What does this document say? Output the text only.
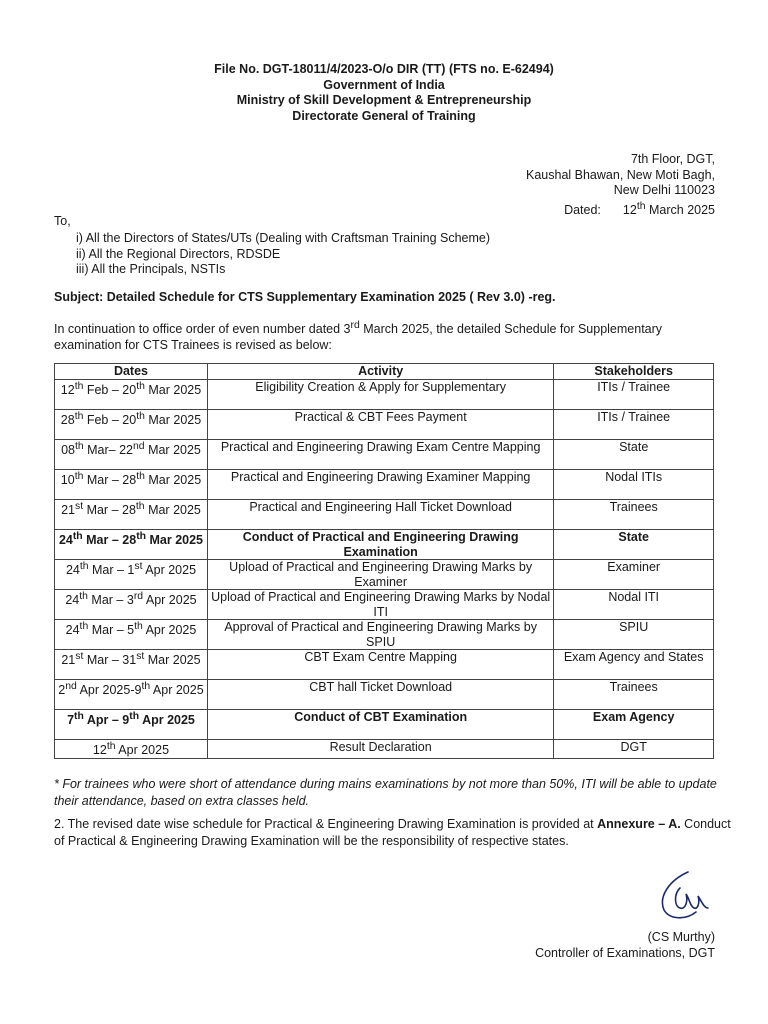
File No. DGT-18011/4/2023-O/o DIR (TT) (FTS no. E-62494)
Government of India
Ministry of Skill Development & Entrepreneurship
Directorate General of Training
7th Floor, DGT,
Kaushal Bhawan, New Moti Bagh,
New Delhi 110023
Dated: 12th March 2025
To,
i) All the Directors of States/UTs (Dealing with Craftsman Training Scheme)
ii) All the Regional Directors, RDSDE
iii) All the Principals, NSTIs
Subject: Detailed Schedule for CTS Supplementary Examination 2025 ( Rev 3.0) -reg.
In continuation to office order of even number dated 3rd March 2025, the detailed Schedule for Supplementary examination for CTS Trainees is revised as below:
Dates	Activity	Stakeholders
12th Feb – 20th Mar 2025	Eligibility Creation & Apply for Supplementary	ITIs / Trainee
28th Feb – 20th Mar 2025	Practical & CBT Fees Payment	ITIs / Trainee
08th Mar– 22nd Mar 2025	Practical and Engineering Drawing Exam Centre Mapping	State
10th Mar – 28th Mar 2025	Practical and Engineering Drawing Examiner Mapping	Nodal ITIs
21st Mar – 28th Mar 2025	Practical and Engineering Hall Ticket Download	Trainees
24th Mar – 28th Mar 2025	Conduct of Practical and Engineering Drawing Examination	State
24th Mar – 1st Apr 2025	Upload of Practical and Engineering Drawing Marks by Examiner	Examiner
24th Mar – 3rd Apr 2025	Upload of Practical and Engineering Drawing Marks by Nodal ITI	Nodal ITI
24th Mar – 5th Apr 2025	Approval of Practical and Engineering Drawing Marks by SPIU	SPIU
21st Mar – 31st Mar 2025	CBT Exam Centre Mapping	Exam Agency and States
2nd Apr 2025-9th Apr 2025	CBT hall Ticket Download	Trainees
7th Apr – 9th Apr 2025	Conduct of CBT Examination	Exam Agency
12th Apr 2025	Result Declaration	DGT
* For trainees who were short of attendance during mains examinations by not more than 50%, ITI will be able to update their attendance, based on extra classes held.
2. The revised date wise schedule for Practical & Engineering Drawing Examination is provided at Annexure – A. Conduct of Practical & Engineering Drawing Examination will be the responsibility of respective states.
(CS Murthy)
Controller of Examinations, DGT
